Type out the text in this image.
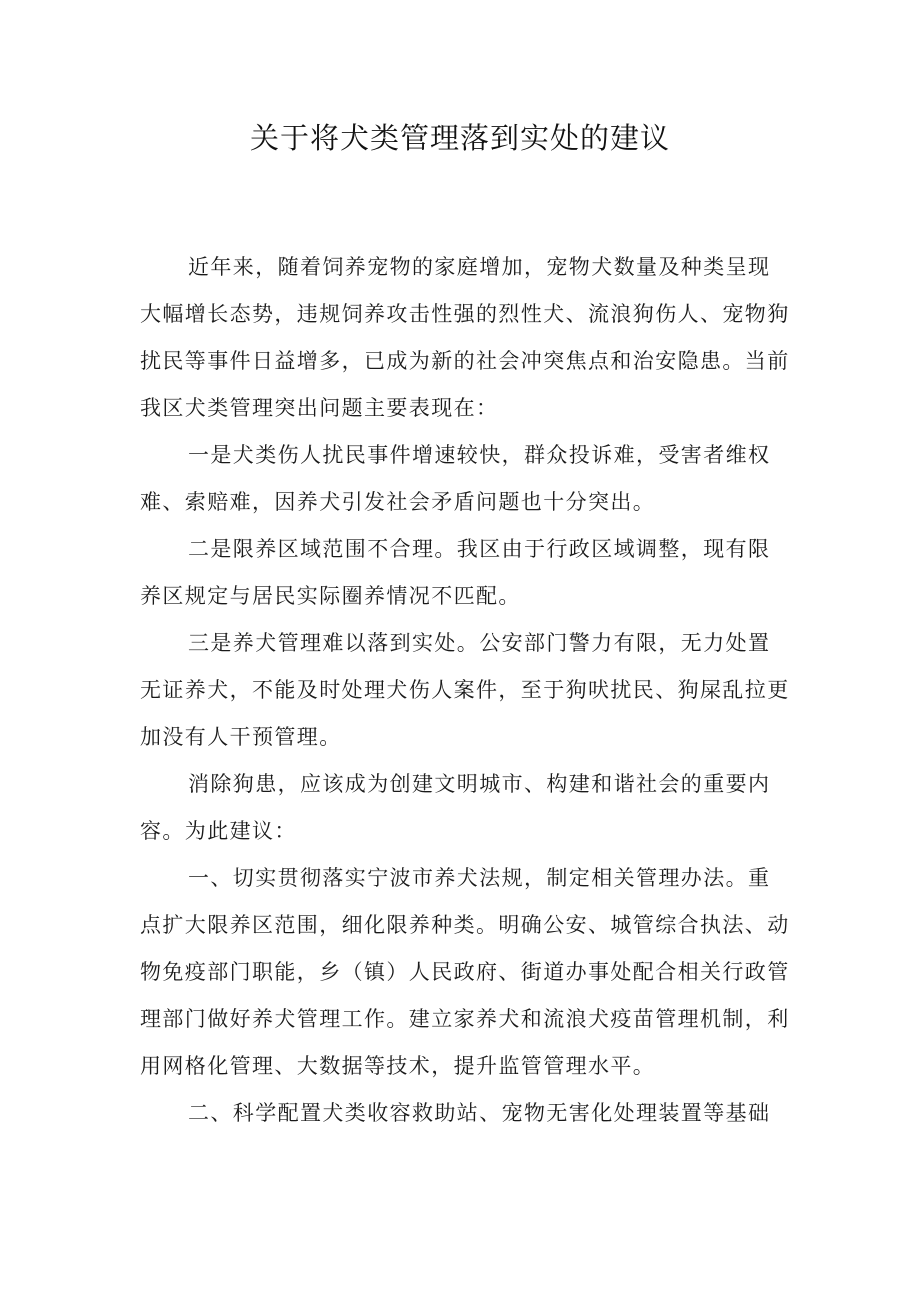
关于将犬类管理落到实处的建议

近年来，随着饲养宠物的家庭增加，宠物犬数量及种类呈现大幅增长态势，违规饲养攻击性强的烈性犬、流浪狗伤人、宠物狗扰民等事件日益增多，已成为新的社会冲突焦点和治安隐患。当前我区犬类管理突出问题主要表现在：

一是犬类伤人扰民事件增速较快，群众投诉难，受害者维权难、索赔难，因养犬引发社会矛盾问题也十分突出。

二是限养区域范围不合理。我区由于行政区域调整，现有限养区规定与居民实际圈养情况不匹配。

三是养犬管理难以落到实处。公安部门警力有限，无力处置无证养犬，不能及时处理犬伤人案件，至于狗吠扰民、狗屎乱拉更加没有人干预管理。

消除狗患，应该成为创建文明城市、构建和谐社会的重要内容。为此建议：

一、切实贯彻落实宁波市养犬法规，制定相关管理办法。重点扩大限养区范围，细化限养种类。明确公安、城管综合执法、动物免疫部门职能，乡（镇）人民政府、街道办事处配合相关行政管理部门做好养犬管理工作。建立家养犬和流浪犬疫苗管理机制，利用网格化管理、大数据等技术，提升监管管理水平。

二、科学配置犬类收容救助站、宠物无害化处理装置等基础
